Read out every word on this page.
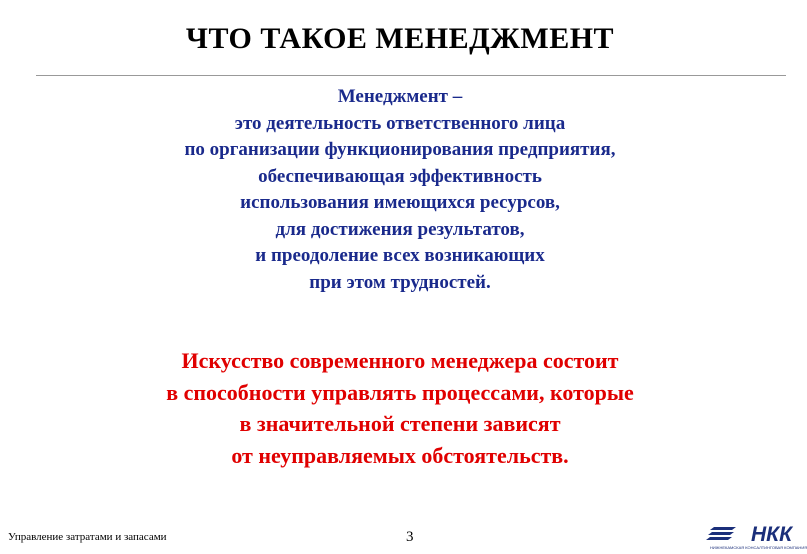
ЧТО ТАКОЕ МЕНЕДЖМЕНТ
Менеджмент –
это деятельность ответственного лица
по организации функционирования предприятия,
обеспечивающая эффективность
использования имеющихся ресурсов,
для достижения результатов,
и преодоление всех возникающих
при этом трудностей.
Искусство современного менеджера состоит
в способности управлять процессами, которые
в значительной степени зависят
от неуправляемых обстоятельств.
Управление затратами и запасами	3	НКК
НИЖНЕКАМСКАЯ КОНСАЛТИНГОВАЯ КОМПАНИЯ
